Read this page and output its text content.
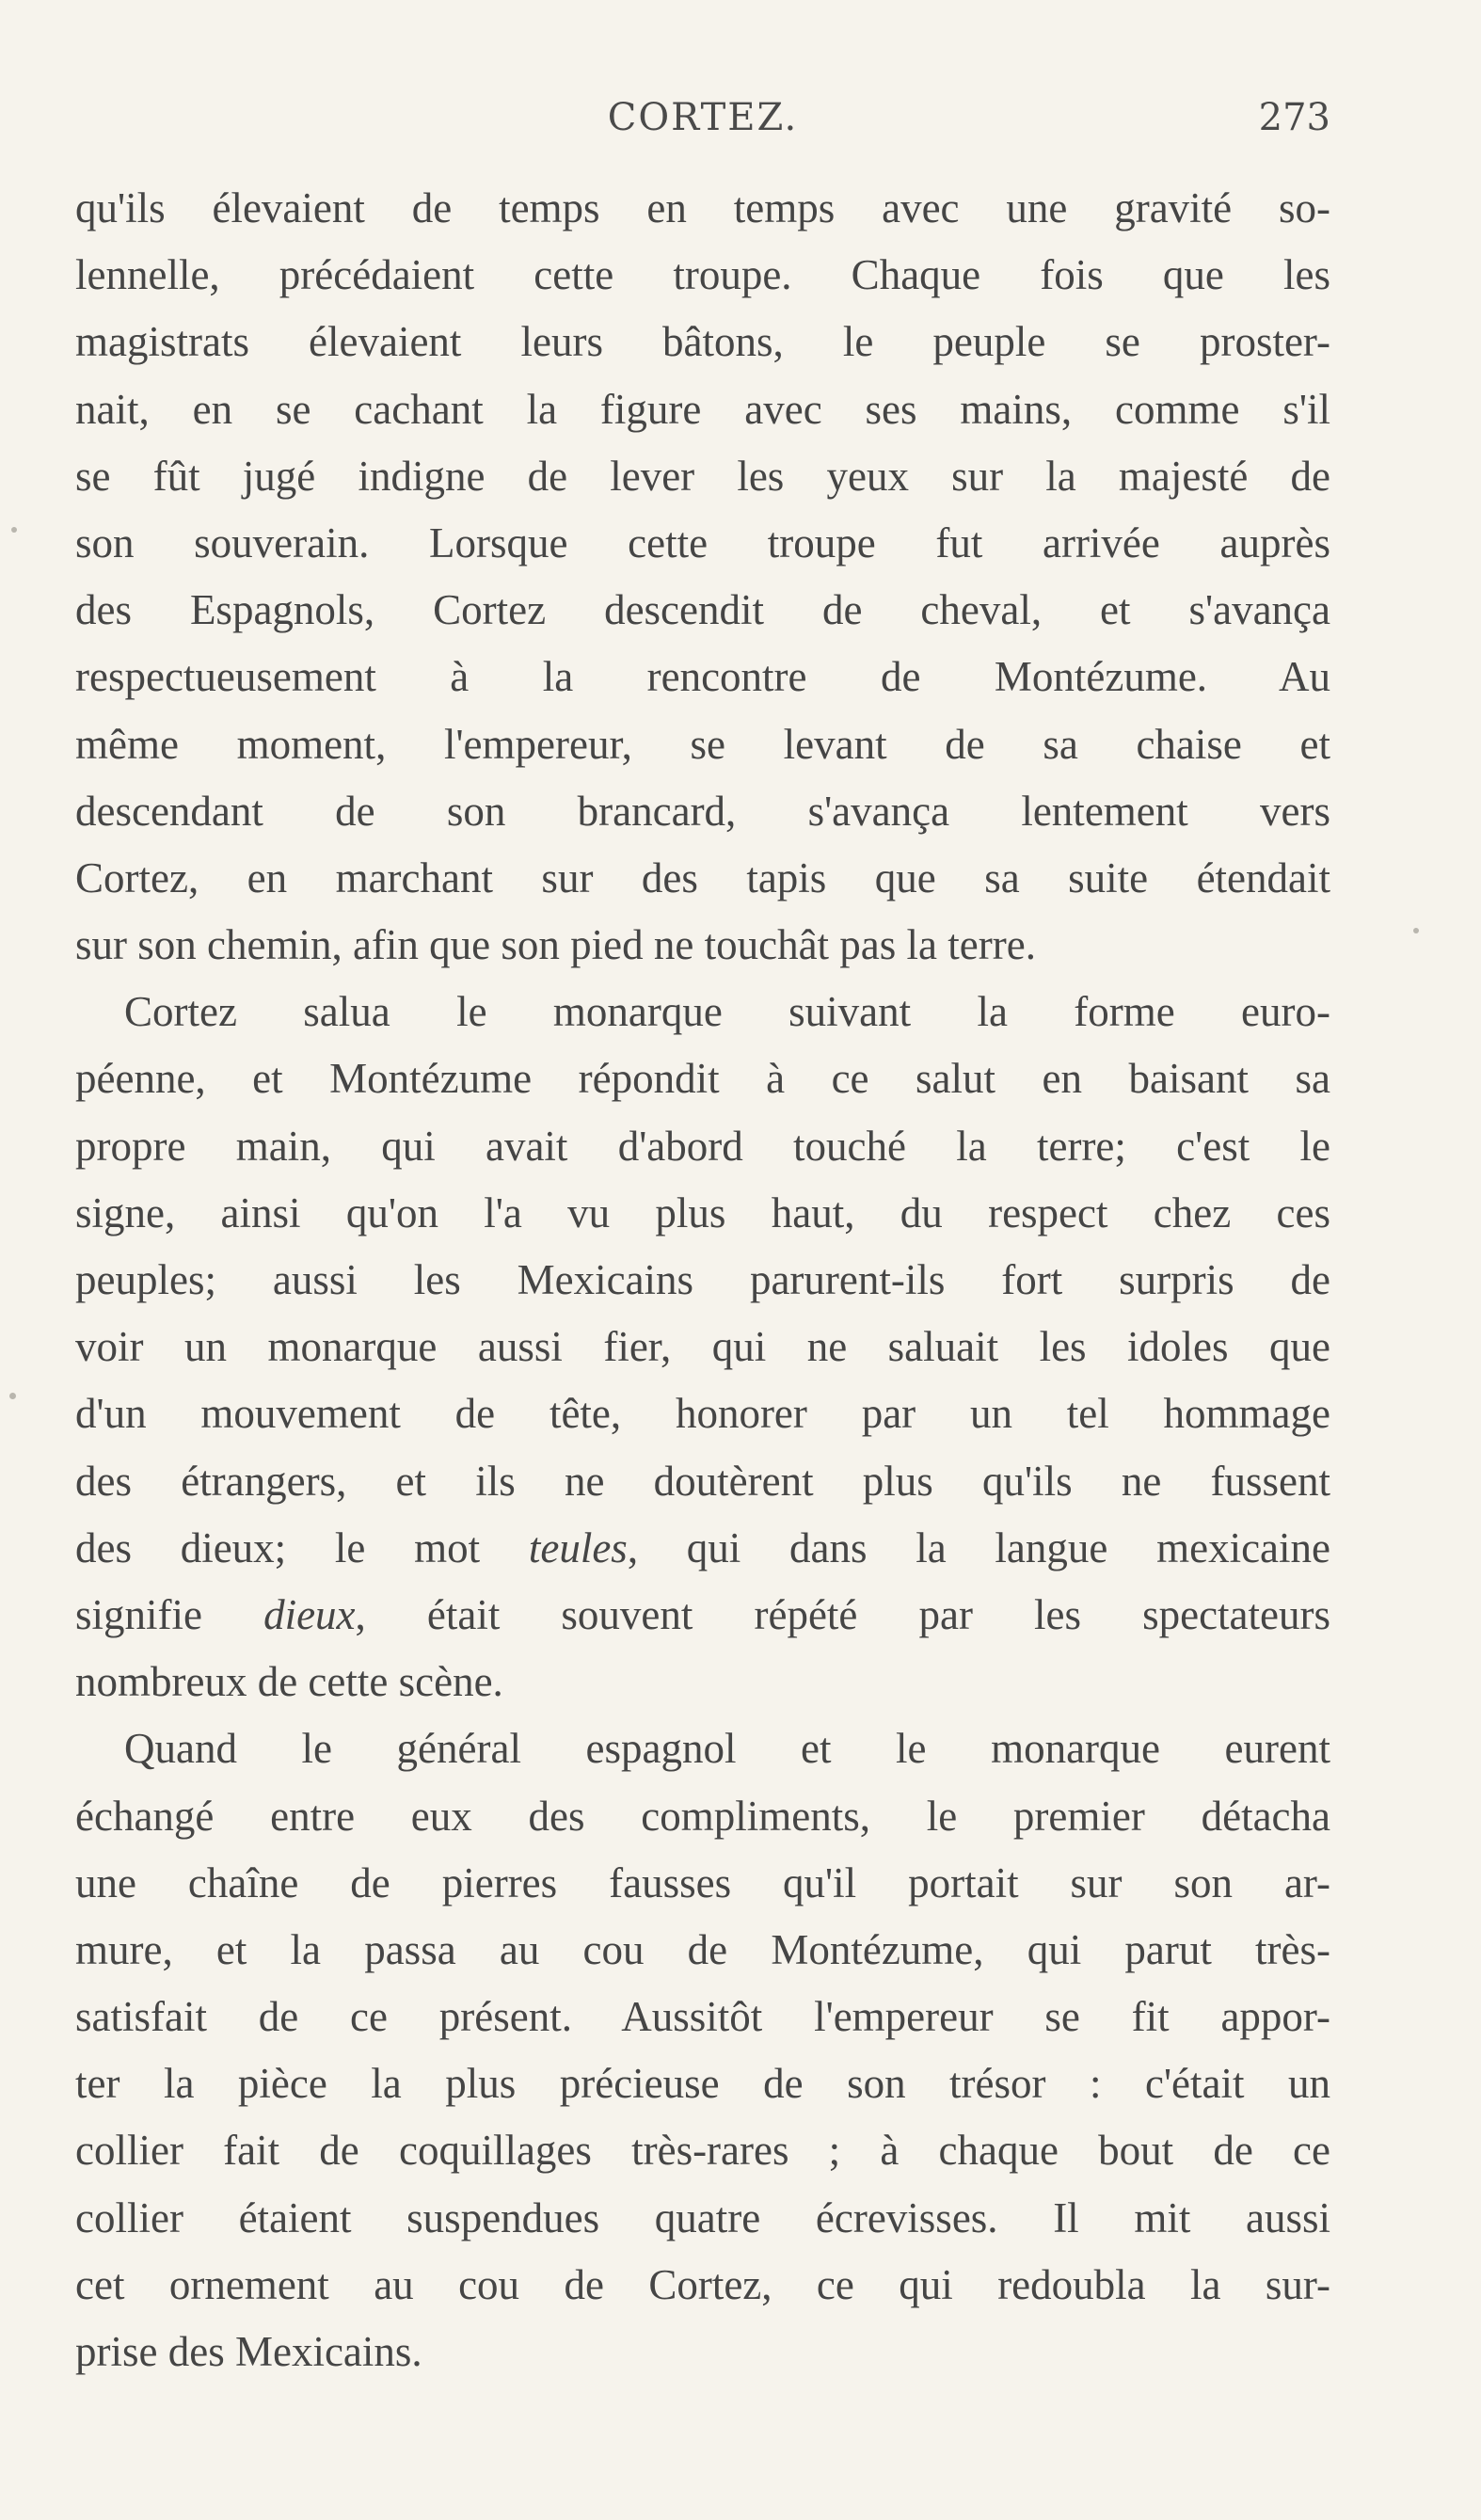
CORTEZ.	273
qu'ils élevaient de temps en temps avec une gravité so-
lennelle, précédaient cette troupe. Chaque fois que les
magistrats élevaient leurs bâtons, le peuple se proster-
nait, en se cachant la figure avec ses mains, comme s'il
se fût jugé indigne de lever les yeux sur la majesté de
son souverain. Lorsque cette troupe fut arrivée auprès
des Espagnols, Cortez descendit de cheval, et s'avança
respectueusement à la rencontre de Montézume. Au
même moment, l'empereur, se levant de sa chaise et
descendant de son brancard, s'avança lentement vers
Cortez, en marchant sur des tapis que sa suite étendait
sur son chemin, afin que son pied ne touchât pas la terre.
Cortez salua le monarque suivant la forme euro-
péenne, et Montézume répondit à ce salut en baisant sa
propre main, qui avait d'abord touché la terre; c'est le
signe, ainsi qu'on l'a vu plus haut, du respect chez ces
peuples; aussi les Mexicains parurent-ils fort surpris de
voir un monarque aussi fier, qui ne saluait les idoles que
d'un mouvement de tête, honorer par un tel hommage
des étrangers, et ils ne doutèrent plus qu'ils ne fussent
des dieux; le mot teules, qui dans la langue mexicaine
signifie dieux, était souvent répété par les spectateurs
nombreux de cette scène.
Quand le général espagnol et le monarque eurent
échangé entre eux des compliments, le premier détacha
une chaîne de pierres fausses qu'il portait sur son ar-
mure, et la passa au cou de Montézume, qui parut très-
satisfait de ce présent. Aussitôt l'empereur se fit appor-
ter la pièce la plus précieuse de son trésor : c'était un
collier fait de coquillages très-rares ; à chaque bout de ce
collier étaient suspendues quatre écrevisses. Il mit aussi
cet ornement au cou de Cortez, ce qui redoubla la sur-
prise des Mexicains.
